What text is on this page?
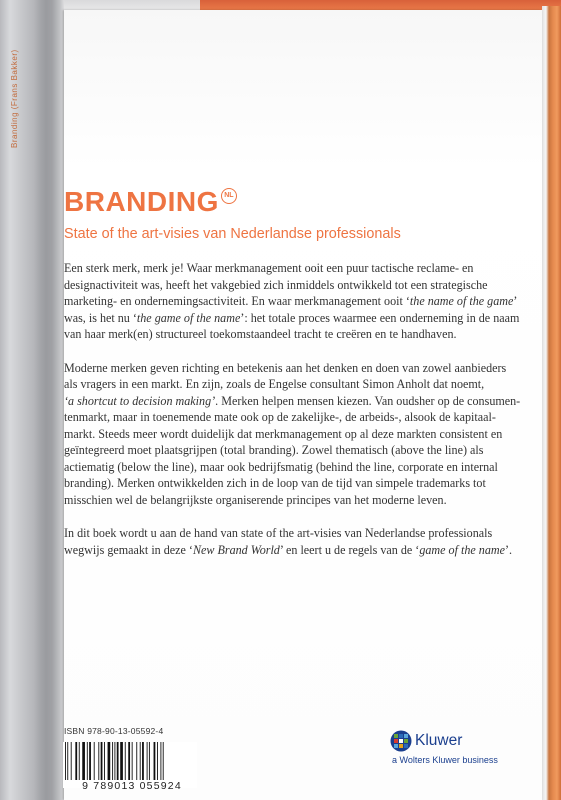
Branding (Frans Bakker)
BRANDING NL
State of the art-visies van Nederlandse professionals

Een sterk merk, merk je! Waar merkmanagement ooit een puur tactische reclame- en
designactiviteit was, heeft het vakgebied zich inmiddels ontwikkeld tot een strategische
marketing- en ondernemingsactiviteit. En waar merkmanagement ooit ‘the name of the game’
was, is het nu ‘the game of the name’: het totale proces waarmee een onderneming in de naam
van haar merk(en) structureel toekomstaandeel tracht te creëren en te handhaven.

Moderne merken geven richting en betekenis aan het denken en doen van zowel aanbieders
als vragers in een markt. En zijn, zoals de Engelse consultant Simon Anholt dat noemt,
‘a shortcut to decision making’. Merken helpen mensen kiezen. Van oudsher op de consumen-
tenmarkt, maar in toenemende mate ook op de zakelijke-, de arbeids-, alsook de kapitaal-
markt. Steeds meer wordt duidelijk dat merkmanagement op al deze markten consistent en
geïntegreerd moet plaatsgrijpen (total branding). Zowel thematisch (above the line) als
actiematig (below the line), maar ook bedrijfsmatig (behind the line, corporate en internal
branding). Merken ontwikkelden zich in de loop van de tijd van simpele trademarks tot
misschien wel de belangrijkste organiserende principes van het moderne leven.

In dit boek wordt u aan de hand van state of the art-visies van Nederlandse professionals
wegwijs gemaakt in deze ‘New Brand World’ en leert u de regels van de ‘game of the name’.

ISBN 978-90-13-05592-4
9 789013 055924
Kluwer
a Wolters Kluwer business
